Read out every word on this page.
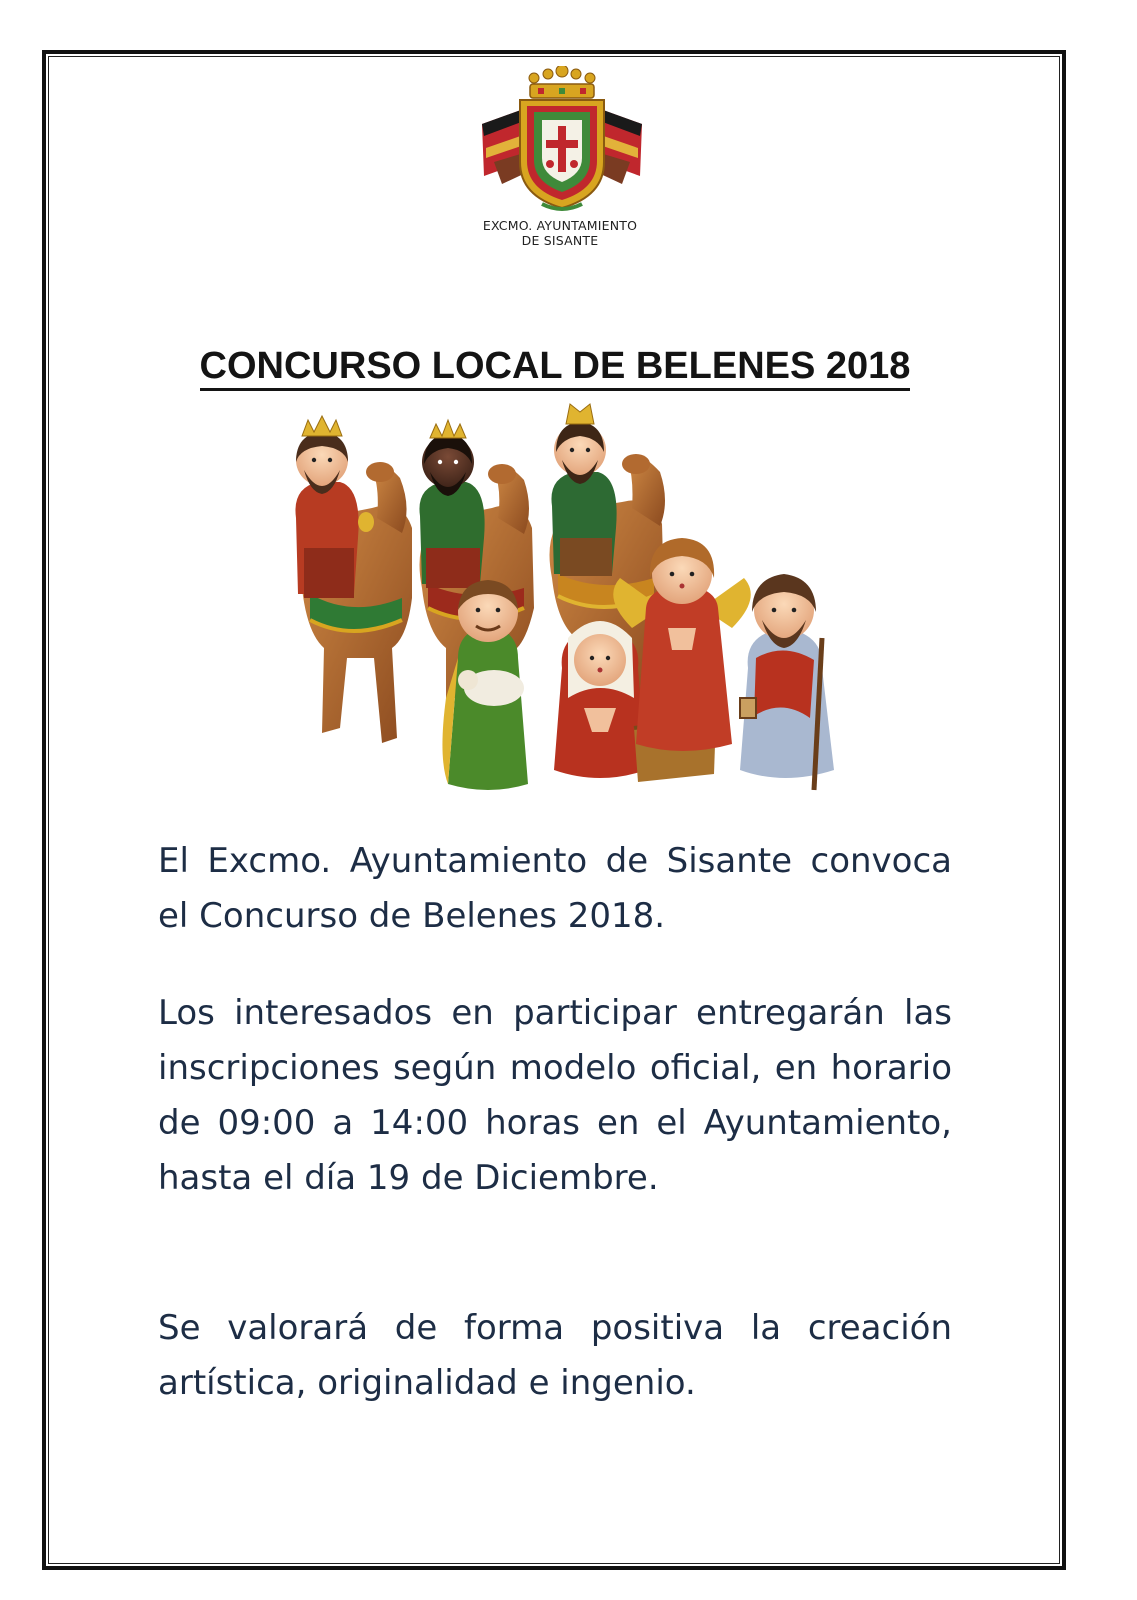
EXCMO. AYUNTAMIENTO
DE SISANTE
CONCURSO LOCAL DE BELENES 2018

El Excmo. Ayuntamiento de Sisante convoca el Concurso de Belenes 2018.

Los interesados en participar entregarán las inscripciones según modelo oficial, en horario de 09:00 a 14:00 horas en el Ayuntamiento, hasta el día 19 de Diciembre.

Se valorará de forma positiva la creación artística, originalidad e ingenio.
